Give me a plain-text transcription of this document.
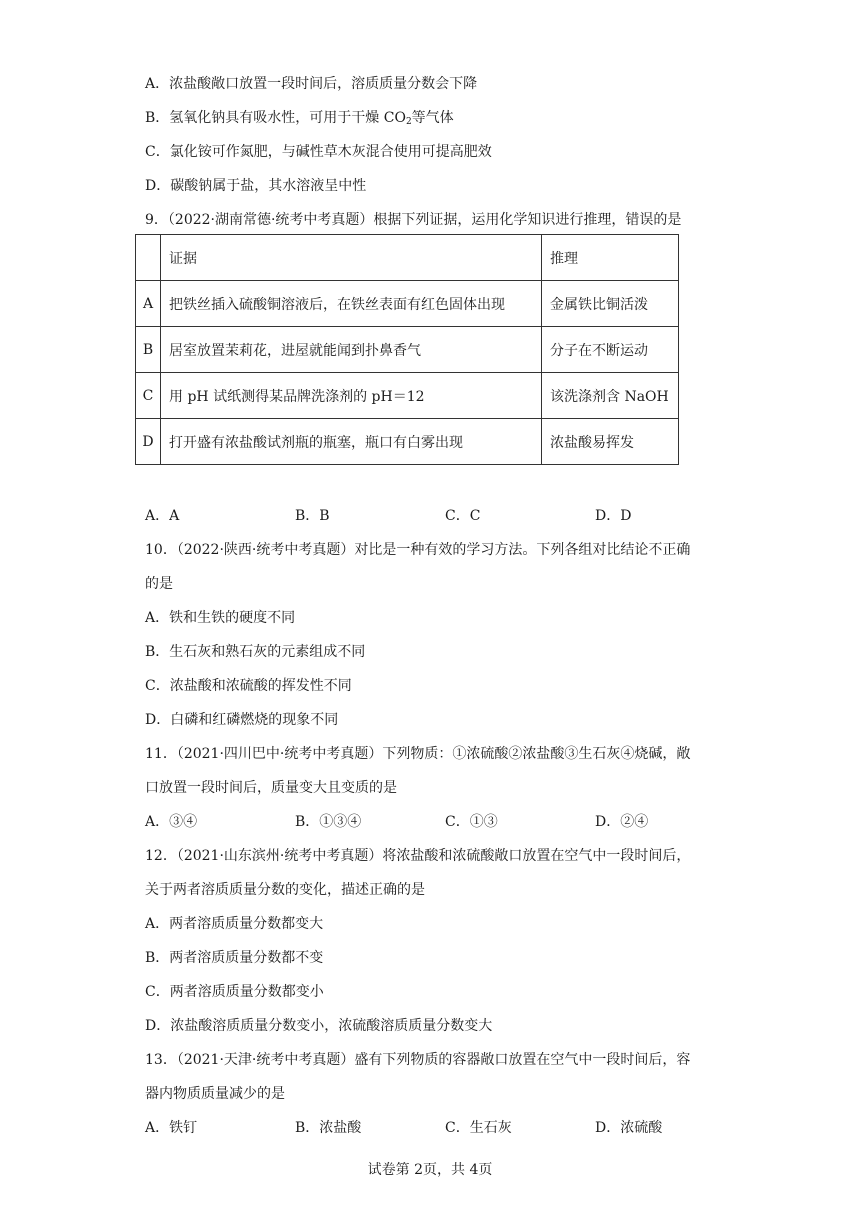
A．浓盐酸敞口放置一段时间后，溶质质量分数会下降
B．氢氧化钠具有吸水性，可用于干燥 $CO_2$等气体
C．氯化铵可作氮肥，与碱性草木灰混合使用可提高肥效
D．碳酸钠属于盐，其水溶液呈中性
9．（2022·湖南常德·统考中考真题）根据下列证据，运用化学知识进行推理，错误的是
	证据	推理
A	把铁丝插入硫酸铜溶液后，在铁丝表面有红色固体出现	金属铁比铜活泼
B	居室放置茉莉花，进屋就能闻到扑鼻香气	分子在不断运动
C	用 pH 试纸测得某品牌洗涤剂的 pH＝12	该洗涤剂含 NaOH
D	打开盛有浓盐酸试剂瓶的瓶塞，瓶口有白雾出现	浓盐酸易挥发
A．A	B．B	C．C	D．D
10．（2022·陕西·统考中考真题）对比是一种有效的学习方法。下列各组对比结论不正确
的是
A．铁和生铁的硬度不同
B．生石灰和熟石灰的元素组成不同
C．浓盐酸和浓硫酸的挥发性不同
D．白磷和红磷燃烧的现象不同
11．（2021·四川巴中·统考中考真题）下列物质：①浓硫酸②浓盐酸③生石灰④烧碱，敞
口放置一段时间后，质量变大且变质的是
A．③④	B．①③④	C．①③	D．②④
12．（2021·山东滨州·统考中考真题）将浓盐酸和浓硫酸敞口放置在空气中一段时间后，
关于两者溶质质量分数的变化，描述正确的是
A．两者溶质质量分数都变大
B．两者溶质质量分数都不变
C．两者溶质质量分数都变小
D．浓盐酸溶质质量分数变小，浓硫酸溶质质量分数变大
13．（2021·天津·统考中考真题）盛有下列物质的容器敞口放置在空气中一段时间后，容
器内物质质量减少的是
A．铁钉	B．浓盐酸	C．生石灰	D．浓硫酸
试卷第 2页，共 4页
